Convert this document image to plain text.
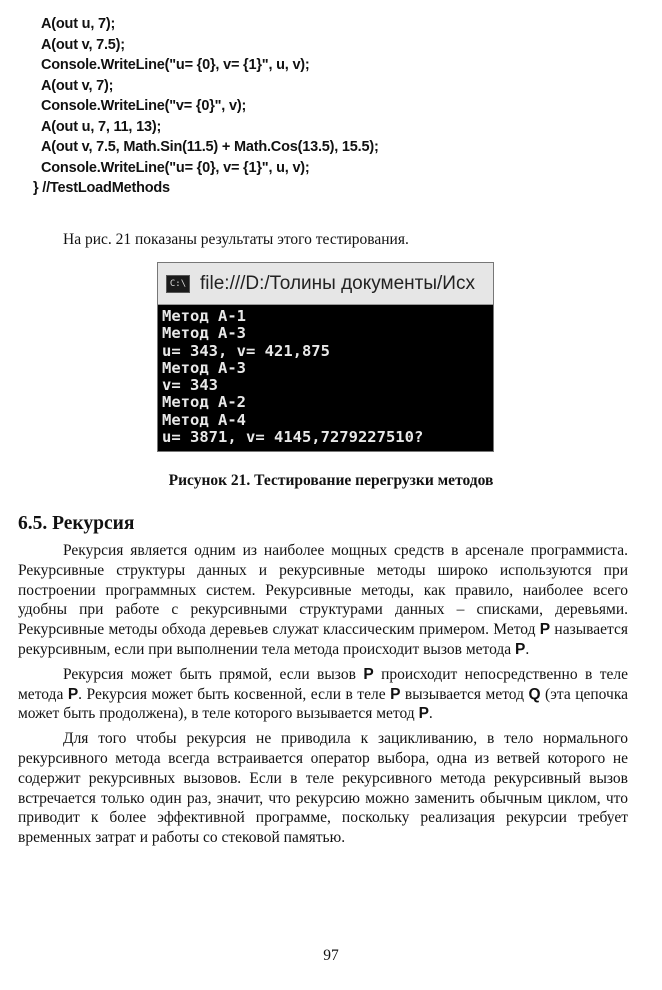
A(out u, 7);
A(out v, 7.5);
Console.WriteLine("u= {0}, v= {1}", u, v);
A(out v, 7);
Console.WriteLine("v= {0}", v);
A(out u, 7, 11, 13);
A(out v, 7.5, Math.Sin(11.5) + Math.Cos(13.5), 15.5);
Console.WriteLine("u= {0}, v= {1}", u, v);
} //TestLoadMethods
На рис. 21 показаны результаты этого тестирования.
C:\ file:///D:/Толины документы/Исх
Метод А-1
Метод А-3
u= 343, v= 421,875
Метод А-3
v= 343
Метод А-2
Метод А-4
u= 3871, v= 4145,7279227510?
Рисунок 21. Тестирование перегрузки методов
6.5. Рекурсия

Рекурсия является одним из наиболее мощных средств в арсенале программиста. Рекурсивные структуры данных и рекурсивные методы широко используются при построении программных систем. Рекурсивные методы, как правило, наиболее всего удобны при работе с рекурсивными структурами данных – списками, деревьями. Рекурсивные методы обхода деревьев служат классическим примером. Метод P называется рекурсивным, если при выполнении тела метода происходит вызов метода P.

Рекурсия может быть прямой, если вызов P происходит непосредственно в теле метода P. Рекурсия может быть косвенной, если в теле P вызывается метод Q (эта цепочка может быть продолжена), в теле которого вызывается метод P.

Для того чтобы рекурсия не приводила к зацикливанию, в тело нормального рекурсивного метода всегда встраивается оператор выбора, одна из ветвей которого не содержит рекурсивных вызовов. Если в теле рекурсивного метода рекурсивный вызов встречается только один раз, значит, что рекурсию можно заменить обычным циклом, что приводит к более эффективной программе, поскольку реализация рекурсии требует временных затрат и работы со стековой памятью.

97
